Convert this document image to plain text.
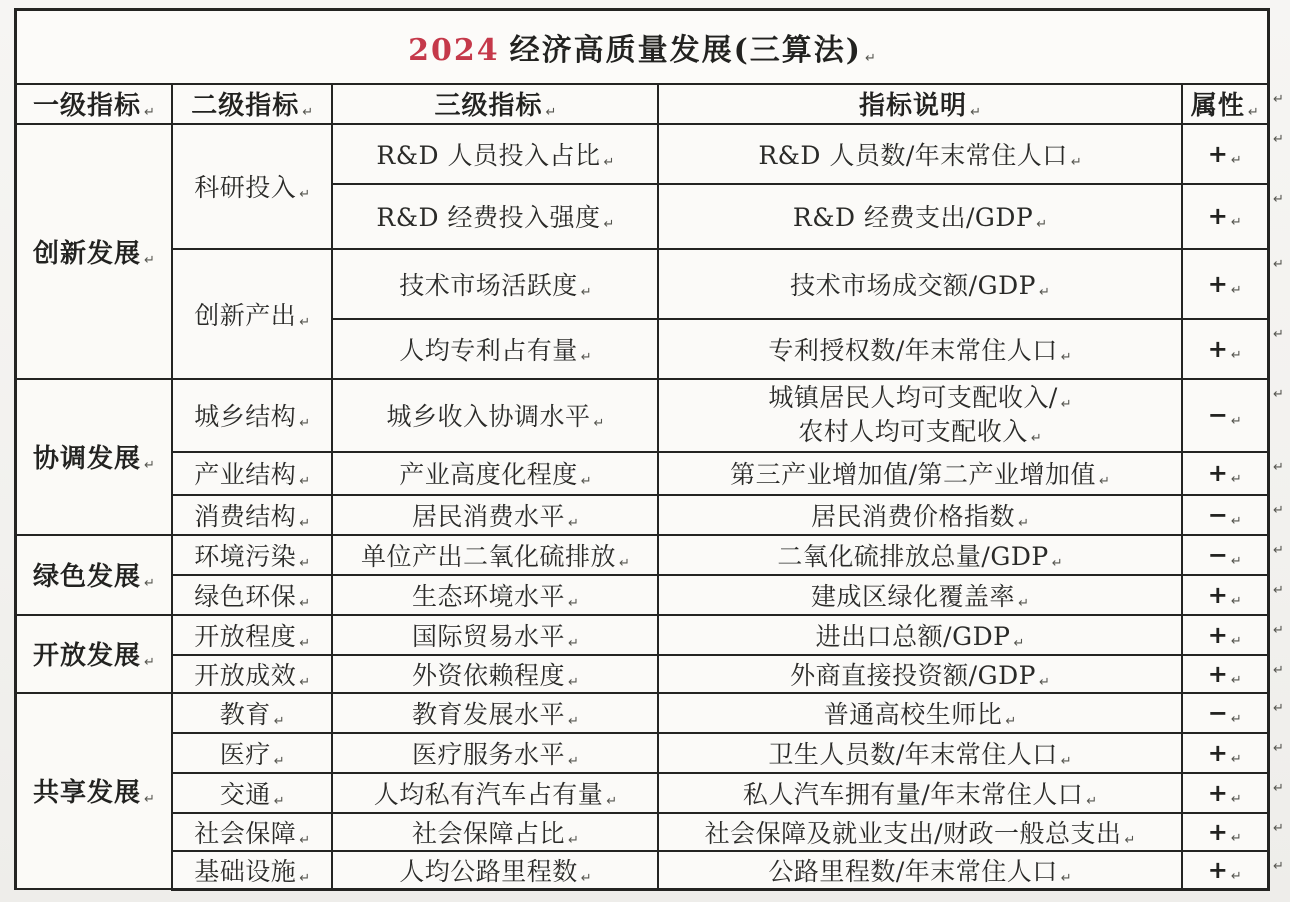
2024 经济高质量发展(三算法) ↵					
一级指标 ↵	二级指标 ↵	三级指标 ↵	指标说明 ↵	属性 ↵	↵
创新发展 ↵	科研投入 ↵	R&D 人员投入占比 ↵	R&D 人员数/年末常住人口 ↵	+ ↵	↵
		R&D 经费投入强度 ↵	R&D 经费支出/GDP ↵	+ ↵	↵
	创新产出 ↵	技术市场活跃度 ↵	技术市场成交额/GDP ↵	+ ↵	↵
		人均专利占有量 ↵	专利授权数/年末常住人口 ↵	+ ↵	↵
协调发展 ↵	城乡结构 ↵	城乡收入协调水平 ↵	城镇居民人均可支配收入/ ↵
农村人均可支配收入 ↵	− ↵	↵
	产业结构 ↵	产业高度化程度 ↵	第三产业增加值/第二产业增加值 ↵	+ ↵	↵
	消费结构 ↵	居民消费水平 ↵	居民消费价格指数 ↵	− ↵	↵
绿色发展 ↵	环境污染 ↵	单位产出二氧化硫排放 ↵	二氧化硫排放总量/GDP ↵	− ↵	↵
	绿色环保 ↵	生态环境水平 ↵	建成区绿化覆盖率 ↵	+ ↵	↵
开放发展 ↵	开放程度 ↵	国际贸易水平 ↵	进出口总额/GDP ↵	+ ↵	↵
	开放成效 ↵	外资依赖程度 ↵	外商直接投资额/GDP ↵	+ ↵	↵
共享发展 ↵	教育 ↵	教育发展水平 ↵	普通高校生师比 ↵	− ↵	↵
	医疗 ↵	医疗服务水平 ↵	卫生人员数/年末常住人口 ↵	+ ↵	↵
	交通 ↵	人均私有汽车占有量 ↵	私人汽车拥有量/年末常住人口 ↵	+ ↵	↵
	社会保障 ↵	社会保障占比 ↵	社会保障及就业支出/财政一般总支出 ↵	+ ↵	↵
	基础设施 ↵	人均公路里程数 ↵	公路里程数/年末常住人口 ↵	+ ↵	↵
